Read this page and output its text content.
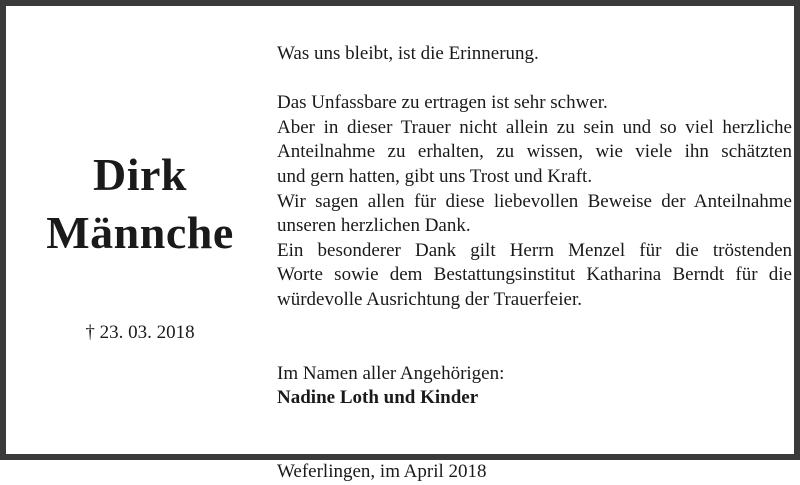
Dirk
Männche
† 23. 03. 2018

Was uns bleibt, ist die Erinnerung.

Das Unfassbare zu ertragen ist sehr schwer.

Aber in dieser Trauer nicht allein zu sein und so viel herzliche

Anteilnahme zu erhalten, zu wissen, wie viele ihn schätzten

und gern hatten, gibt uns Trost und Kraft.

Wir sagen allen für diese liebevollen Beweise der Anteilnahme

unseren herzlichen Dank.

Ein besonderer Dank gilt Herrn Menzel für die tröstenden

Worte sowie dem Bestattungsinstitut Katharina Berndt für die

würdevolle Ausrichtung der Trauerfeier.

Im Namen aller Angehörigen:

Nadine Loth und Kinder

Weferlingen, im April 2018
